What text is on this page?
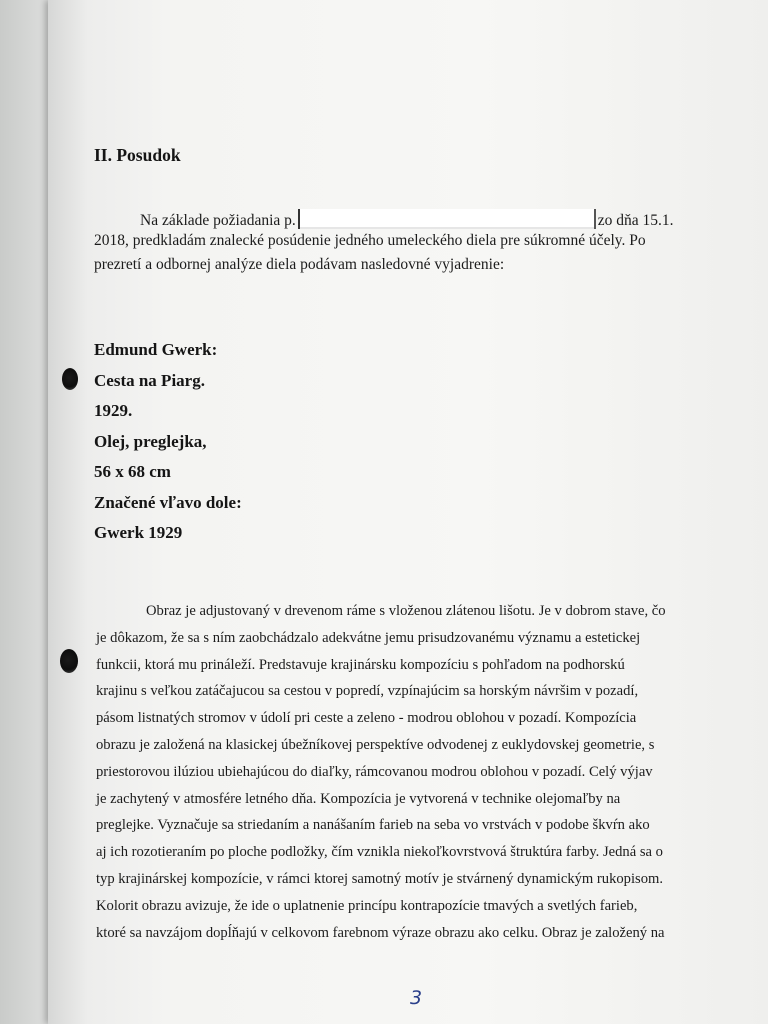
II. Posudok
Na základe požiadania p.	zo dňa 15.1.
2018, predkladám znalecké posúdenie jedného umeleckého diela pre súkromné účely. Po
prezretí a odbornej analýze diela podávam nasledovné vyjadrenie:
Edmund Gwerk:
Cesta na Piarg.
1929.
Olej, preglejka,
56 x 68 cm
Značené vľavo dole:
Gwerk 1929
Obraz je adjustovaný v drevenom ráme s vloženou zlátenou lišotu. Je v dobrom stave, čo
je dôkazom, že sa s ním zaobchádzalo adekvátne jemu prisudzovanému významu a estetickej
funkcii, ktorá mu prináleží. Predstavuje krajinársku kompozíciu s pohľadom na podhorskú
krajinu s veľkou zatáčajucou sa cestou v popredí, vzpínajúcim sa horským návršim v pozadí,
pásom listnatých stromov v údolí pri ceste a zeleno - modrou oblohou v pozadí. Kompozícia
obrazu je založená na klasickej úbežníkovej perspektíve odvodenej z euklydovskej geometrie, s
priestorovou ilúziou ubiehajúcou do diaľky, rámcovanou modrou oblohou v pozadí. Celý výjav
je zachytený v atmosfére letného dňa. Kompozícia je vytvorená v technike olejomaľby na
preglejke. Vyznačuje sa striedaním a nanášaním farieb na seba vo vrstvách v podobe škvŕn ako
aj ich rozotieraním po ploche podložky, čím vznikla niekoľkovrstvová štruktúra farby. Jedná sa o
typ krajinárskej kompozície, v rámci ktorej samotný motív je stvárnený dynamickým rukopisom.
Kolorit obrazu avizuje, že ide o uplatnenie princípu kontrapozície tmavých a svetlých farieb,
ktoré sa navzájom dopĺňajú v celkovom farebnom výraze obrazu ako celku. Obraz je založený na
3
